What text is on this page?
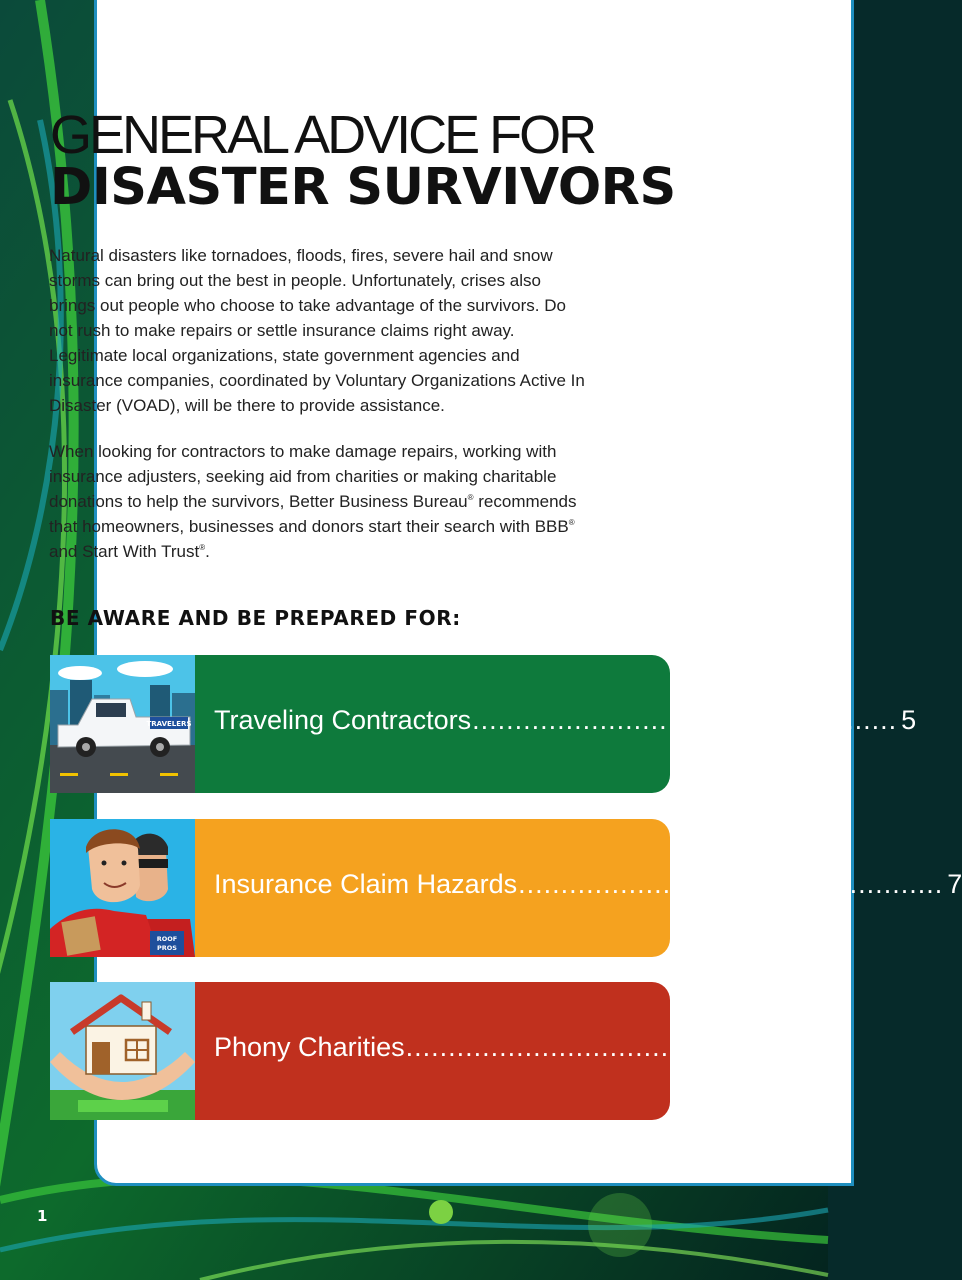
GENERAL ADVICE FOR
DISASTER SURVIVORS

Natural disasters like tornadoes, floods, fires, severe hail and snow storms can bring out the best in people. Unfortunately, crises also brings out people who choose to take advantage of the survivors. Do not rush to make repairs or settle insurance claims right away. Legitimate local organizations, state government agencies and insurance companies, coordinated by Voluntary Organizations Active In Disaster (VOAD), will be there to provide assistance.

When looking for contractors to make damage repairs, working with insurance adjusters, seeking aid from charities or making charitable donations to help the survivors, Better Business Bureau® recommends that homeowners, businesses and donors start their search with BBB® and Start With Trust®.

BE AWARE AND BE PREPARED FOR:
TRAVELERS Traveling Contractors .................................................. 5
ROOF
PROS
Insurance Claim Hazards .................................................. 7
Phony Charities .................................................. 9

1
